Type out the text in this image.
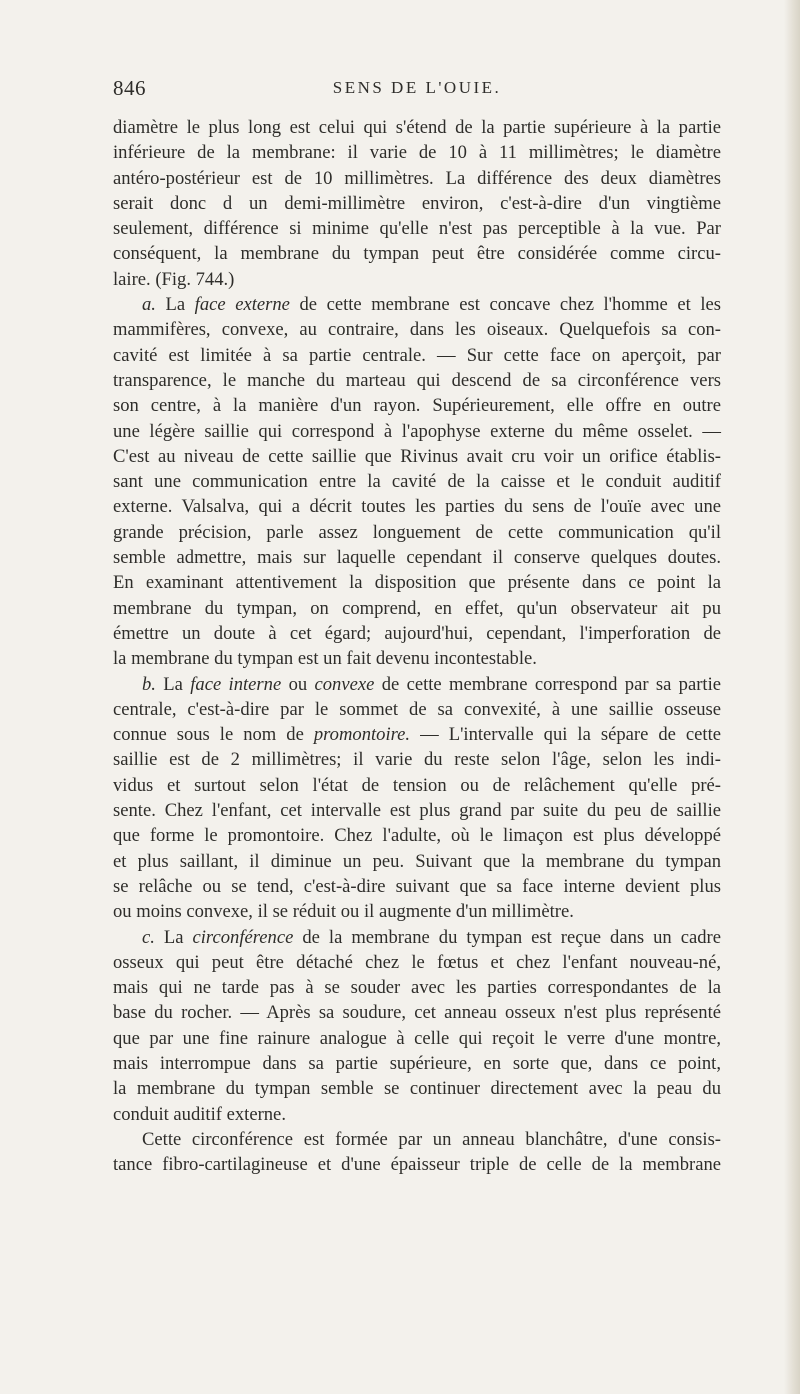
846	SENS DE L'OUIE.

diamètre le plus long est celui qui s'étend de la partie supérieure à la partie
inférieure de la membrane: il varie de 10 à 11 millimètres; le diamètre
antéro-postérieur est de 10 millimètres. La différence des deux diamètres
serait donc d un demi-millimètre environ, c'est-à-dire d'un vingtième
seulement, différence si minime qu'elle n'est pas perceptible à la vue. Par
conséquent, la membrane du tympan peut être considérée comme circu-
laire. (Fig. 744.)

a. La face externe de cette membrane est concave chez l'homme et les
mammifères, convexe, au contraire, dans les oiseaux. Quelquefois sa con-
cavité est limitée à sa partie centrale. — Sur cette face on aperçoit, par
transparence, le manche du marteau qui descend de sa circonférence vers
son centre, à la manière d'un rayon. Supérieurement, elle offre en outre
une légère saillie qui correspond à l'apophyse externe du même osselet. —
C'est au niveau de cette saillie que Rivinus avait cru voir un orifice établis-
sant une communication entre la cavité de la caisse et le conduit auditif
externe. Valsalva, qui a décrit toutes les parties du sens de l'ouïe avec une
grande précision, parle assez longuement de cette communication qu'il
semble admettre, mais sur laquelle cependant il conserve quelques doutes.
En examinant attentivement la disposition que présente dans ce point la
membrane du tympan, on comprend, en effet, qu'un observateur ait pu
émettre un doute à cet égard; aujourd'hui, cependant, l'imperforation de
la membrane du tympan est un fait devenu incontestable.

b. La face interne ou convexe de cette membrane correspond par sa partie
centrale, c'est-à-dire par le sommet de sa convexité, à une saillie osseuse
connue sous le nom de promontoire. — L'intervalle qui la sépare de cette
saillie est de 2 millimètres; il varie du reste selon l'âge, selon les indi-
vidus et surtout selon l'état de tension ou de relâchement qu'elle pré-
sente. Chez l'enfant, cet intervalle est plus grand par suite du peu de saillie
que forme le promontoire. Chez l'adulte, où le limaçon est plus développé
et plus saillant, il diminue un peu. Suivant que la membrane du tympan
se relâche ou se tend, c'est-à-dire suivant que sa face interne devient plus
ou moins convexe, il se réduit ou il augmente d'un millimètre.

c. La circonférence de la membrane du tympan est reçue dans un cadre
osseux qui peut être détaché chez le fœtus et chez l'enfant nouveau-né,
mais qui ne tarde pas à se souder avec les parties correspondantes de la
base du rocher. — Après sa soudure, cet anneau osseux n'est plus représenté
que par une fine rainure analogue à celle qui reçoit le verre d'une montre,
mais interrompue dans sa partie supérieure, en sorte que, dans ce point,
la membrane du tympan semble se continuer directement avec la peau du
conduit auditif externe.

Cette circonférence est formée par un anneau blanchâtre, d'une consis-
tance fibro-cartilagineuse et d'une épaisseur triple de celle de la membrane
